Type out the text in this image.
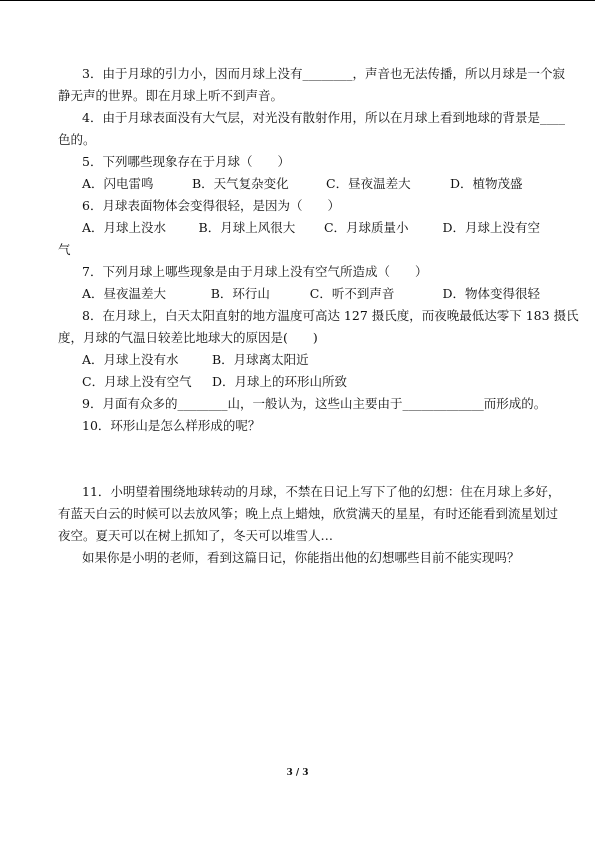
3．由于月球的引力小，因而月球上没有________，声音也无法传播，所以月球是一个寂
静无声的世界。即在月球上听不到声音。
4．由于月球表面没有大气层，对光没有散射作用，所以在月球上看到地球的背景是____
色的。
5．下列哪些现象存在于月球（　　）
A．闪电雷鸣	B．天气复杂变化	C．昼夜温差大	D．植物茂盛
6．月球表面物体会变得很轻，是因为（　　）
A．月球上没水	B．月球上风很大	C．月球质量小	D．月球上没有空
气
7．下列月球上哪些现象是由于月球上没有空气所造成（　　）
A．昼夜温差大	B．环行山	C．听不到声音	D．物体变得很轻
8．在月球上，白天太阳直射的地方温度可高达 127 摄氏度，而夜晚最低达零下 183 摄氏
度，月球的气温日较差比地球大的原因是(　　)
A．月球上没有水	B．月球离太阳近
C．月球上没有空气	D．月球上的环形山所致
9．月面有众多的________山，一般认为，这些山主要由于_____________而形成的。
10．环形山是怎么样形成的呢？
11．小明望着围绕地球转动的月球，不禁在日记上写下了他的幻想：住在月球上多好，
有蓝天白云的时候可以去放风筝；晚上点上蜡烛，欣赏满天的星星，有时还能看到流星划过
夜空。夏天可以在树上抓知了，冬天可以堆雪人…
如果你是小明的老师，看到这篇日记，你能指出他的幻想哪些目前不能实现吗？
3 / 3
